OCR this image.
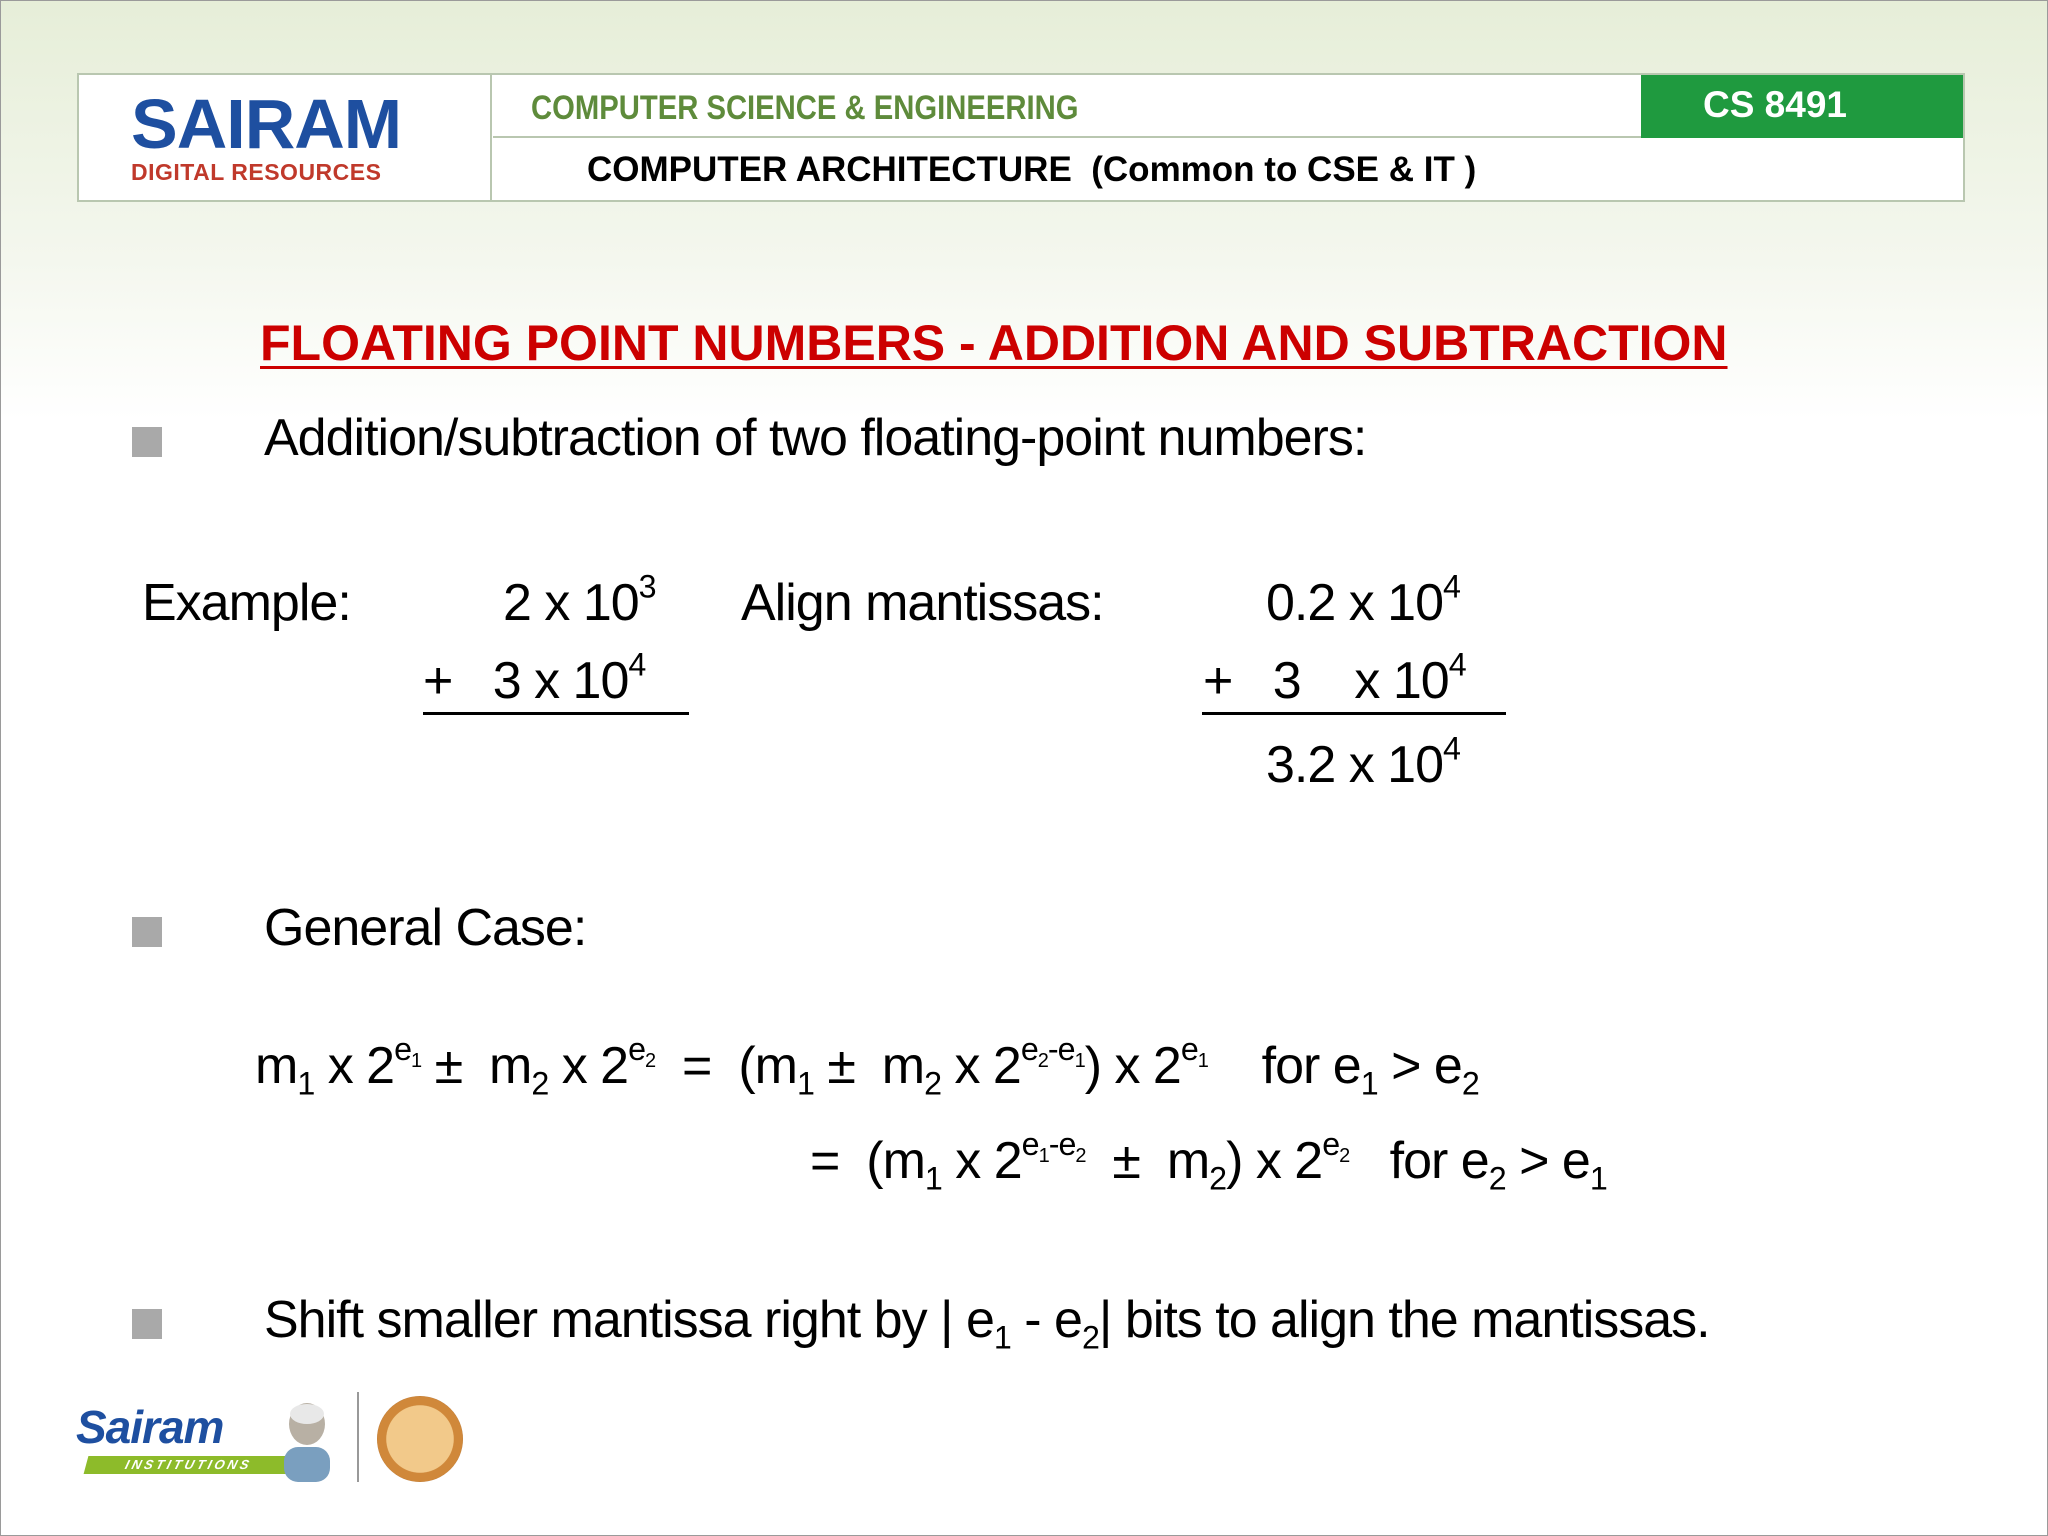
SAIRAM
DIGITAL RESOURCES
COMPUTER SCIENCE & ENGINEERING	CS 8491
COMPUTER ARCHITECTURE  (Common to CSE & IT )
FLOATING POINT NUMBERS - ADDITION AND SUBTRACTION
Addition/subtraction of two floating-point numbers:
Example:	2 x $10^3$
+   3 x $10^4$
Align mantissas:	0.2 x $10^4$
+   3    x $10^4$
3.2 x $10^4$
General Case:
$m_1$ x $2^{e_1} \pm m_2$ x $2^{e_2} = (m_1 \pm m_2$ x $2^{e_2-e_1}$) x $2^{e_1}$    for $e_1 > e_2$
=  ($m_1$ x $2^{e_1-e_2} \pm m_2$) x $2^{e_2}$   for $e_2 > e_1$
Shift smaller mantissa right by | $e_1 - e_2|$ bits to align the mantissas.
Sairam
INSTITUTIONS
